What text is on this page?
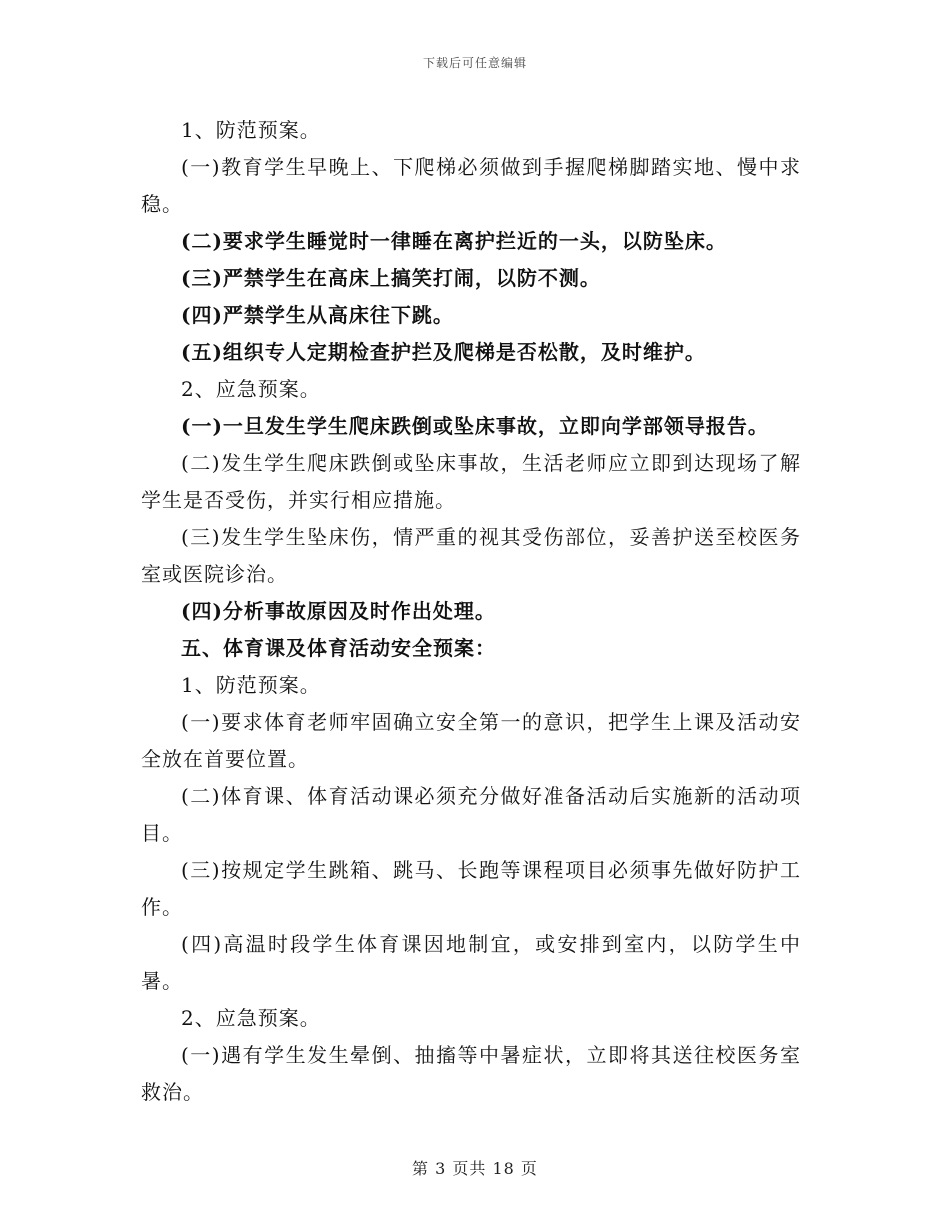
下载后可任意编辑

1、防范预案。

(一)教育学生早晚上、下爬梯必须做到手握爬梯脚踏实地、慢中求稳。

(二)要求学生睡觉时一律睡在离护拦近的一头，以防坠床。

(三)严禁学生在高床上搞笑打闹，以防不测。

(四)严禁学生从高床往下跳。

(五)组织专人定期检查护拦及爬梯是否松散，及时维护。

2、应急预案。

(一)一旦发生学生爬床跌倒或坠床事故，立即向学部领导报告。

(二)发生学生爬床跌倒或坠床事故，生活老师应立即到达现场了解学生是否受伤，并实行相应措施。

(三)发生学生坠床伤，情严重的视其受伤部位，妥善护送至校医务室或医院诊治。

(四)分析事故原因及时作出处理。

五、体育课及体育活动安全预案：

1、防范预案。

(一)要求体育老师牢固确立安全第一的意识，把学生上课及活动安全放在首要位置。

(二)体育课、体育活动课必须充分做好准备活动后实施新的活动项目。

(三)按规定学生跳箱、跳马、长跑等课程项目必须事先做好防护工作。

(四)高温时段学生体育课因地制宜，或安排到室内，以防学生中暑。

2、应急预案。

(一)遇有学生发生晕倒、抽搐等中暑症状，立即将其送往校医务室救治。

第 3 页共 18 页
